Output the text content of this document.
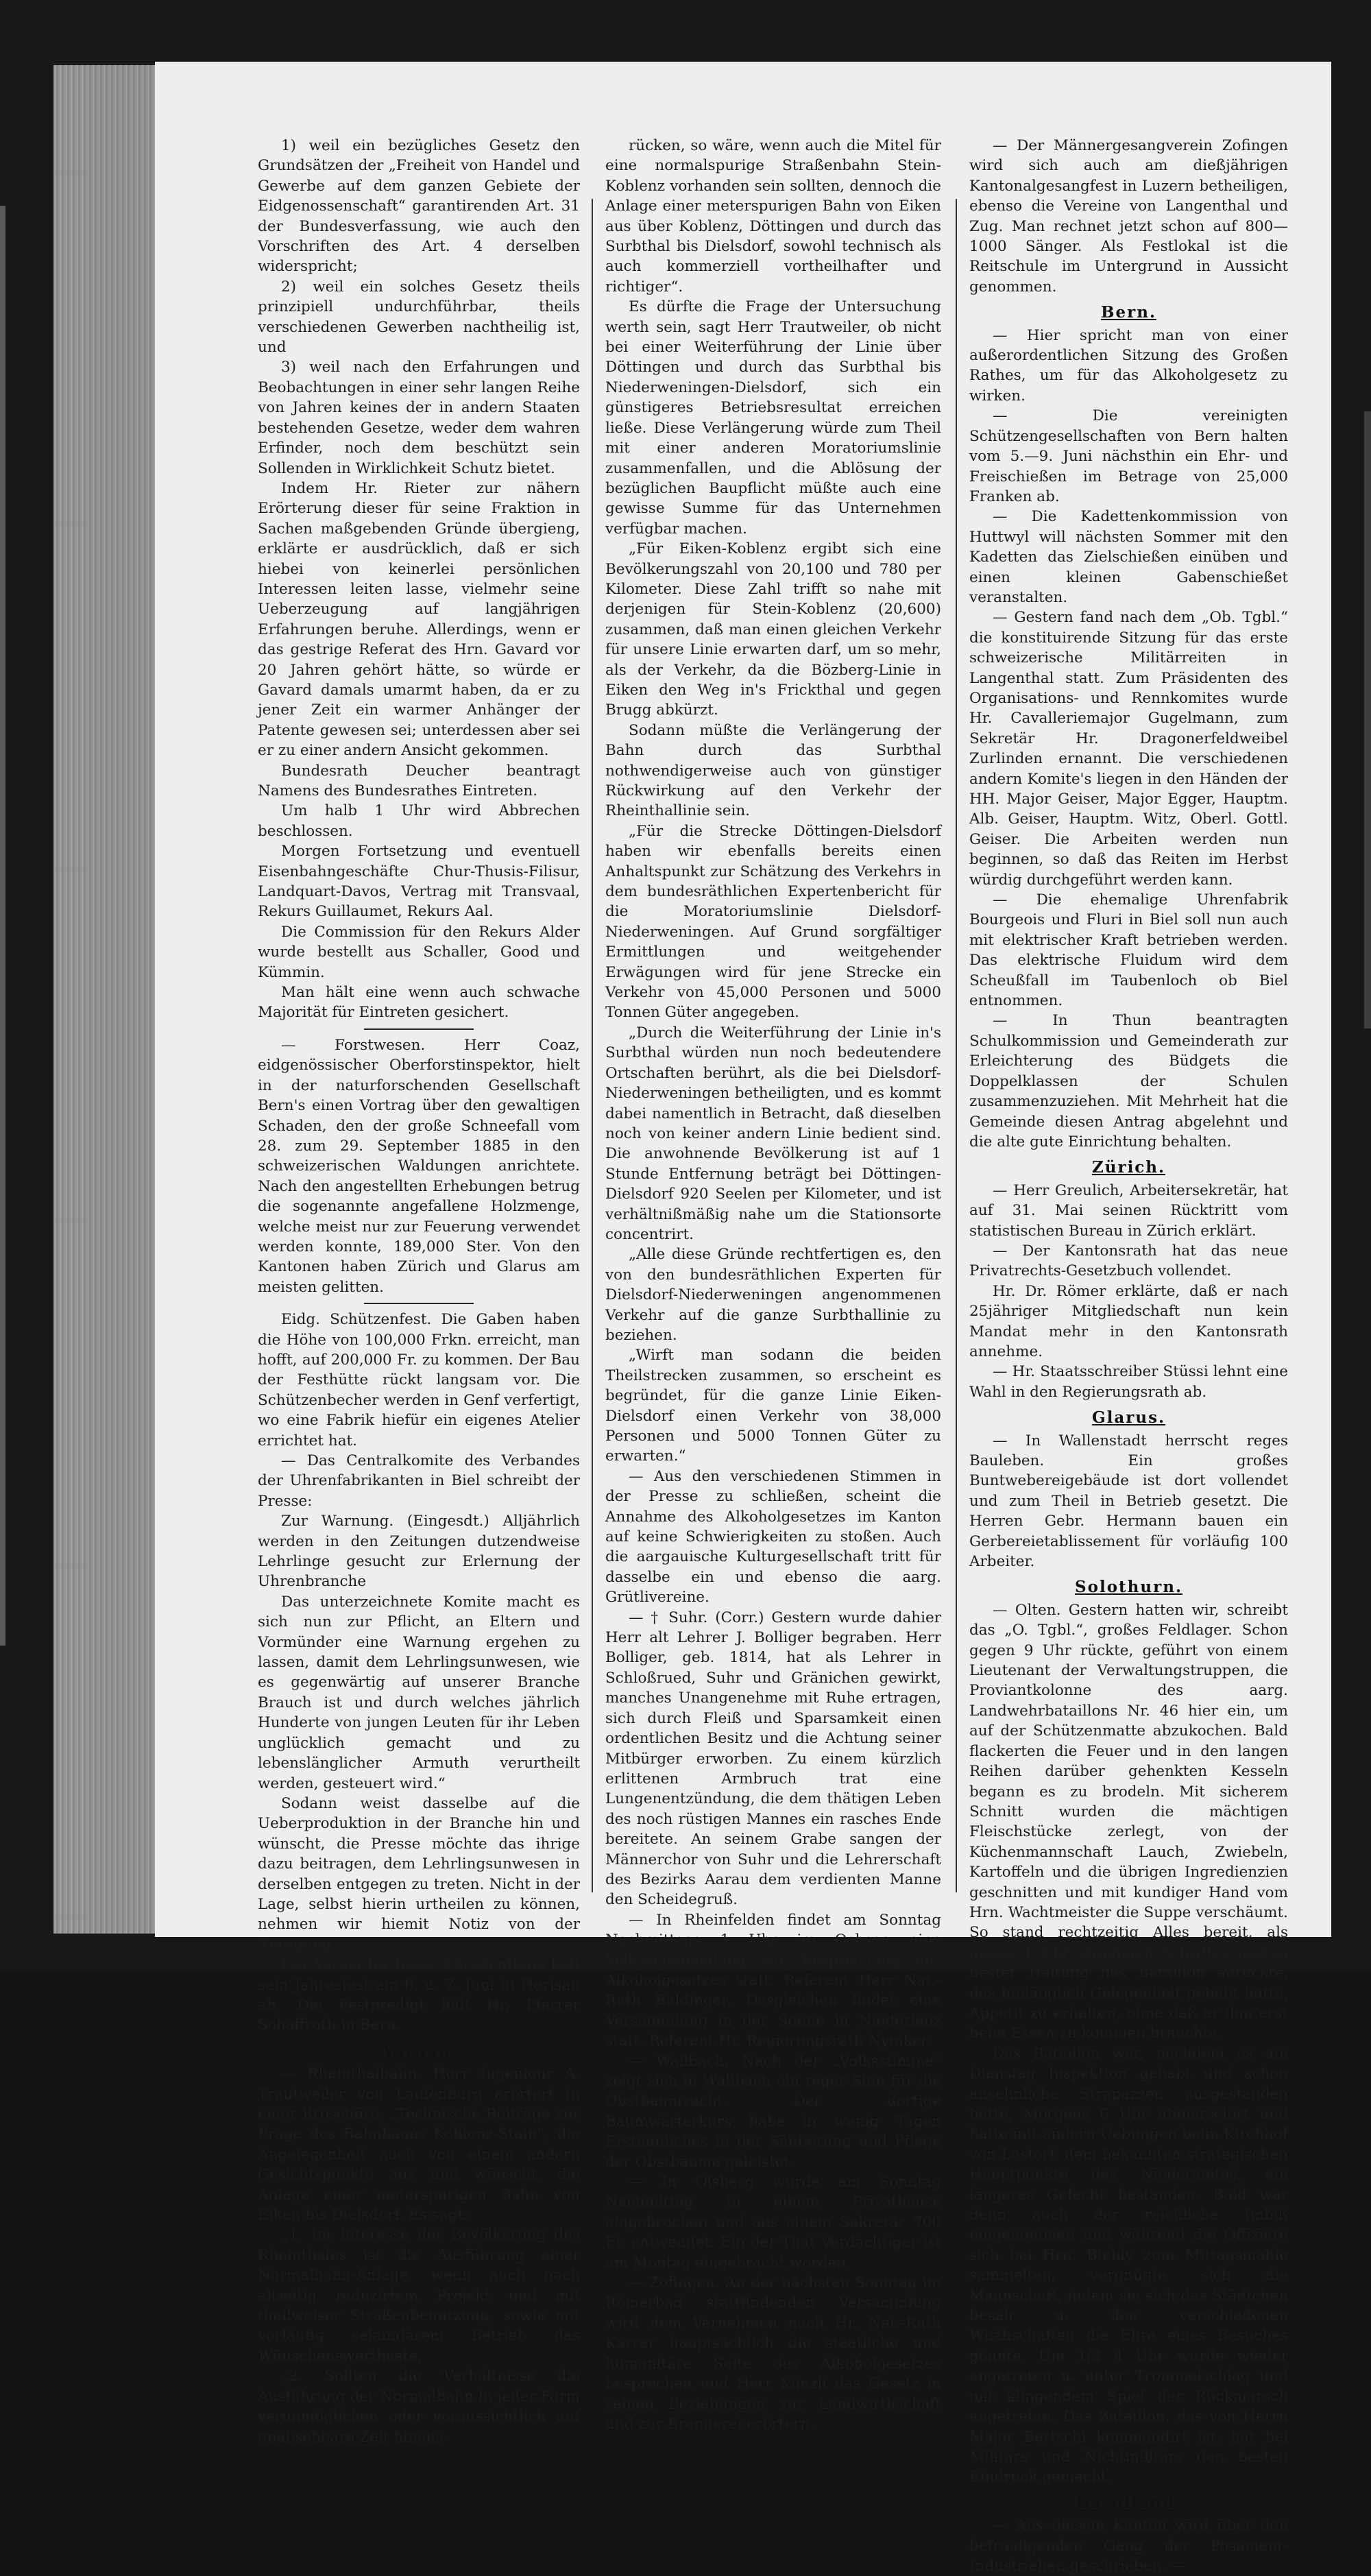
1) weil ein bezügliches Gesetz den Grundsätzen der „Freiheit von Handel und Gewerbe auf dem ganzen Gebiete der Eidgenossenschaft“ garantirenden Art. 31 der Bundesverfassung, wie auch den Vorschriften des Art. 4 derselben widerspricht;

2) weil ein solches Gesetz theils prinzipiell undurchführbar, theils verschiedenen Gewerben nachtheilig ist, und

3) weil nach den Erfahrungen und Beobachtungen in einer sehr langen Reihe von Jahren keines der in andern Staaten bestehenden Gesetze, weder dem wahren Erfinder, noch dem beschützt sein Sollenden in Wirklichkeit Schutz bietet.

Indem Hr. Rieter zur nähern Erörterung dieser für seine Fraktion in Sachen maßgebenden Gründe übergieng, erklärte er ausdrücklich, daß er sich hiebei von keinerlei persönlichen Interessen leiten lasse, vielmehr seine Ueberzeugung auf langjährigen Erfahrungen beruhe. Allerdings, wenn er das gestrige Referat des Hrn. Gavard vor 20 Jahren gehört hätte, so würde er Gavard damals umarmt haben, da er zu jener Zeit ein warmer Anhänger der Patente gewesen sei; unterdessen aber sei er zu einer andern Ansicht gekommen.

Bundesrath Deucher beantragt Namens des Bundesrathes Eintreten.

Um halb 1 Uhr wird Abbrechen beschlossen.

Morgen Fortsetzung und eventuell Eisenbahngeschäfte Chur-Thusis-Filisur, Landquart-Davos, Vertrag mit Transvaal, Rekurs Guillaumet, Rekurs Aal.

Die Commission für den Rekurs Alder wurde bestellt aus Schaller, Good und Kümmin.

Man hält eine wenn auch schwache Majorität für Eintreten gesichert.

— Forstwesen. Herr Coaz, eidgenössischer Oberforstinspektor, hielt in der naturforschenden Gesellschaft Bern's einen Vortrag über den gewaltigen Schaden, den der große Schneefall vom 28. zum 29. September 1885 in den schweizerischen Waldungen anrichtete. Nach den angestellten Erhebungen betrug die sogenannte angefallene Holzmenge, welche meist nur zur Feuerung verwendet werden konnte, 189,000 Ster. Von den Kantonen haben Zürich und Glarus am meisten gelitten.

Eidg. Schützenfest. Die Gaben haben die Höhe von 100,000 Frkn. erreicht, man hofft, auf 200,000 Fr. zu kommen. Der Bau der Festhütte rückt langsam vor. Die Schützenbecher werden in Genf verfertigt, wo eine Fabrik hiefür ein eigenes Atelier errichtet hat.

— Das Centralkomite des Verbandes der Uhrenfabrikanten in Biel schreibt der Presse:

Zur Warnung. (Eingesdt.) Alljährlich werden in den Zeitungen dutzendweise Lehrlinge gesucht zur Erlernung der Uhrenbranche

Das unterzeichnete Komite macht es sich nun zur Pflicht, an Eltern und Vormünder eine Warnung ergehen zu lassen, damit dem Lehrlingsunwesen, wie es gegenwärtig auf unserer Branche Brauch ist und durch welches jährlich Hunderte von jungen Leuten für ihr Leben unglücklich gemacht und zu lebenslänglicher Armuth verurtheilt werden, gesteuert wird.“

Sodann weist dasselbe auf die Ueberproduktion in der Branche hin und wünscht, die Presse möchte das ihrige dazu beitragen, dem Lehrlingsunwesen in derselben entgegen zu treten. Nicht in der Lage, selbst hierin urtheilen zu können, nehmen wir hiemit Notiz von der Anregung.

Der Verein für freies Christenthum hält sein Jahresfest am 6. u. 7. Juni in Herisau ab. Die Festpredigt hält Hr. Pfarrer Schaffroth in Bern.

Aargau.

— Rheinthalbahn. Herr Ingenieur A. Trautweiler von Laufenburg erörtert in einer Broschüre: „Technische Beiträge zur Frage des Bahnbaues Koblenz-Stein“, die Angelegenheit auch von einem andern Gesichtspunkte aus und wünscht, die Anlage einer meterspurigen Bahn von Eiken bis Dielsdorf. Es sagt:

„1. Im Interesse der Bevölkerung des Rheinthales ist die Ausführung einer Normalbahn-Anlage, wenn auch nach allseitig reduzirtem Projekt und mit theilweiser Straßenbenutzung, sowie mit vorläufig sekundärem Betrieb das Wünschenswertheste.

„2. Sollten die Verhältnisse die Ausführung der Normalbahn in jeder Form verunmöglichen oder voraussichtlich auf unabsehbare Zeit hinaus-

rücken, so wäre, wenn auch die Mitel für eine normalspurige Straßenbahn Stein-Koblenz vorhanden sein sollten, dennoch die Anlage einer meterspurigen Bahn von Eiken aus über Koblenz, Döttingen und durch das Surbthal bis Dielsdorf, sowohl technisch als auch kommerziell vortheilhafter und richtiger“.

Es dürfte die Frage der Untersuchung werth sein, sagt Herr Trautweiler, ob nicht bei einer Weiterführung der Linie über Döttingen und durch das Surbthal bis Niederweningen-Dielsdorf, sich ein günstigeres Betriebsresultat erreichen ließe. Diese Verlängerung würde zum Theil mit einer anderen Moratoriumslinie zusammenfallen, und die Ablösung der bezüglichen Baupflicht müßte auch eine gewisse Summe für das Unternehmen verfügbar machen.

„Für Eiken-Koblenz ergibt sich eine Bevölkerungszahl von 20,100 und 780 per Kilometer. Diese Zahl trifft so nahe mit derjenigen für Stein-Koblenz (20,600) zusammen, daß man einen gleichen Verkehr für unsere Linie erwarten darf, um so mehr, als der Verkehr, da die Bözberg-Linie in Eiken den Weg in's Frickthal und gegen Brugg abkürzt.

Sodann müßte die Verlängerung der Bahn durch das Surbthal nothwendigerweise auch von günstiger Rückwirkung auf den Verkehr der Rheinthallinie sein.

„Für die Strecke Döttingen-Dielsdorf haben wir ebenfalls bereits einen Anhaltspunkt zur Schätzung des Verkehrs in dem bundesräthlichen Expertenbericht für die Moratoriumslinie Dielsdorf-Niederweningen. Auf Grund sorgfältiger Ermittlungen und weitgehender Erwägungen wird für jene Strecke ein Verkehr von 45,000 Personen und 5000 Tonnen Güter angegeben.

„Durch die Weiterführung der Linie in's Surbthal würden nun noch bedeutendere Ortschaften berührt, als die bei Dielsdorf-Niederweningen betheiligten, und es kommt dabei namentlich in Betracht, daß dieselben noch von keiner andern Linie bedient sind. Die anwohnende Bevölkerung ist auf 1 Stunde Entfernung beträgt bei Döttingen-Dielsdorf 920 Seelen per Kilometer, und ist verhältnißmäßig nahe um die Stationsorte concentrirt.

„Alle diese Gründe rechtfertigen es, den von den bundesräthlichen Experten für Dielsdorf-Niederweningen angenommenen Verkehr auf die ganze Surbthallinie zu beziehen.

„Wirft man sodann die beiden Theilstrecken zusammen, so erscheint es begründet, für die ganze Linie Eiken-Dielsdorf einen Verkehr von 38,000 Personen und 5000 Tonnen Güter zu erwarten.“

— Aus den verschiedenen Stimmen in der Presse zu schließen, scheint die Annahme des Alkoholgesetzes im Kanton auf keine Schwierigkeiten zu stoßen. Auch die aargauische Kulturgesellschaft tritt für dasselbe ein und ebenso die aarg. Grütlivereine.

— † Suhr. (Corr.) Gestern wurde dahier Herr alt Lehrer J. Bolliger begraben. Herr Bolliger, geb. 1814, hat als Lehrer in Schloßrued, Suhr und Gränichen gewirkt, manches Unangenehme mit Ruhe ertragen, sich durch Fleiß und Sparsamkeit einen ordentlichen Besitz und die Achtung seiner Mitbürger erworben. Zu einem kürzlich erlittenen Armbruch trat eine Lungenentzündung, die dem thätigen Leben des noch rüstigen Mannes ein rasches Ende bereitete. An seinem Grabe sangen der Männerchor von Suhr und die Lehrerschaft des Bezirks Aarau dem verdienten Manne den Scheidegruß.

— In Rheinfelden findet am Sonntag Nachmittags 1 Uhr im Ochsen eine Volksversammlung zur Besprechung des Alkoholgesetzes statt. Referent Herr Nat.-Rath Baldinger. Desgleichen findet eine Versammlung in der Sonne in Niederlenz statt. Referent Hr. Regierungsrath Nyniker.

— Wallbach. Nach der „Volksstimme“ zeigt sich in Wallbach ein reger Sinn für die Obstbaumzucht. Der dortige Baumwärterkurs habe in wenig Tagen Erstaunliches in der Säuberung und Pflege der Obstbäume geleistet.

— In Olsberg wurde am Sonntag Nachmittag in einem Privathause eingebrochen und aus einem Sekretär 700 Fr. entwendet. Ein der That Verdächtiger ist am Montag eingebracht worden.

— Zofingen. An der nächsten Sonntag im Römerbad stattfindenden Versammlung wird dem Vernehmen nach Hr. Nat.-Rath Karrer hauptsächlich die staatliche und humanitäre Seite des Alkoholgesetzes besprechen und Herr Künzli das Gesetz in seinen Beziehungen zur Landwirthschaft und zur Brennerei erörtern.

— Der Männergesangverein Zofingen wird sich auch am dießjährigen Kantonalgesangfest in Luzern betheiligen, ebenso die Vereine von Langenthal und Zug. Man rechnet jetzt schon auf 800—1000 Sänger. Als Festlokal ist die Reitschule im Untergrund in Aussicht genommen.

Bern.

— Hier spricht man von einer außerordentlichen Sitzung des Großen Rathes, um für das Alkoholgesetz zu wirken.

— Die vereinigten Schützengesellschaften von Bern halten vom 5.—9. Juni nächsthin ein Ehr- und Freischießen im Betrage von 25,000 Franken ab.

— Die Kadettenkommission von Huttwyl will nächsten Sommer mit den Kadetten das Zielschießen einüben und einen kleinen Gabenschießet veranstalten.

— Gestern fand nach dem „Ob. Tgbl.“ die konstituirende Sitzung für das erste schweizerische Militärreiten in Langenthal statt. Zum Präsidenten des Organisations- und Rennkomites wurde Hr. Cavalleriemajor Gugelmann, zum Sekretär Hr. Dragonerfeldweibel Zurlinden ernannt. Die verschiedenen andern Komite's liegen in den Händen der HH. Major Geiser, Major Egger, Hauptm. Alb. Geiser, Hauptm. Witz, Oberl. Gottl. Geiser. Die Arbeiten werden nun beginnen, so daß das Reiten im Herbst würdig durchgeführt werden kann.

— Die ehemalige Uhrenfabrik Bourgeois und Fluri in Biel soll nun auch mit elektrischer Kraft betrieben werden. Das elektrische Fluidum wird dem Scheußfall im Taubenloch ob Biel entnommen.

— In Thun beantragten Schulkommission und Gemeinderath zur Erleichterung des Büdgets die Doppelklassen der Schulen zusammenzuziehen. Mit Mehrheit hat die Gemeinde diesen Antrag abgelehnt und die alte gute Einrichtung behalten.

Zürich.

— Herr Greulich, Arbeitersekretär, hat auf 31. Mai seinen Rücktritt vom statistischen Bureau in Zürich erklärt.

— Der Kantonsrath hat das neue Privatrechts-Gesetzbuch vollendet.

Hr. Dr. Römer erklärte, daß er nach 25jähriger Mitgliedschaft nun kein Mandat mehr in den Kantonsrath annehme.

— Hr. Staatsschreiber Stüssi lehnt eine Wahl in den Regierungsrath ab.

Glarus.

— In Wallenstadt herrscht reges Bauleben. Ein großes Buntwebereigebäude ist dort vollendet und zum Theil in Betrieb gesetzt. Die Herren Gebr. Hermann bauen ein Gerbereietablissement für vorläufig 100 Arbeiter.

Solothurn.

— Olten. Gestern hatten wir, schreibt das „O. Tgbl.“, großes Feldlager. Schon gegen 9 Uhr rückte, geführt von einem Lieutenant der Verwaltungstruppen, die Proviantkolonne des aarg. Landwehrbataillons Nr. 46 hier ein, um auf der Schützenmatte abzukochen. Bald flackerten die Feuer und in den langen Reihen darüber gehenkten Kesseln begann es zu brodeln. Mit sicherem Schnitt wurden die mächtigen Fleischstücke zerlegt, von der Küchenmannschaft Lauch, Zwiebeln, Kartoffeln und die übrigen Ingredienzien geschnitten und mit kundiger Hand vom Hrn. Wachtmeister die Suppe verschäumt. So stand rechtzeitig Alles bereit, als gegen 1 Uhr strammen Schrittes und in bester Haltung das Bataillon anrückte, das hinlänglich Gelegenheit gehabt hatte, Appetit zu erhalten, ohne daß er ihm erst beim Essen zu kommen brauchte.

Das Bataillon war, nachdem es am Dienstag Inspektion gehabt und schon ansehnliche Strapazzen ausgestanden hatte, Morgens 6 Uhr abmarschirt und hatte mit andern Uebungen beim Kirchhof von Lostorf, dem bekannten strategischen Hauptpunkte des Niederamtes, ein längeres Gefecht bestanden. Bald war denn auch der reichliche Imbiß eingenommen und während die Offiziere sich bei Hrn. Biehly zum Mittagsmahle sammelten, vergnügte sich die Mannschaft, indem sie sich das Städtchen besah u. den verschiedenen Wirthschaften die Ehre eines Besuches gönnte. Um 1/2 4 Uhr wurde wieder angetreten u. unter Trommelschlag und mit klingendem Spiel der Rückmarsch angetreten. Das Bataillon, das von Herrn Major Bertschi kommandirt ist, hat bei Militärs und Nichtmilitärs den besten Eindruck gemacht.

Baselland.

— Aus diesem Kanton wird über den befriedigenden Gang der Posament-Industrieben geschrieben. —
